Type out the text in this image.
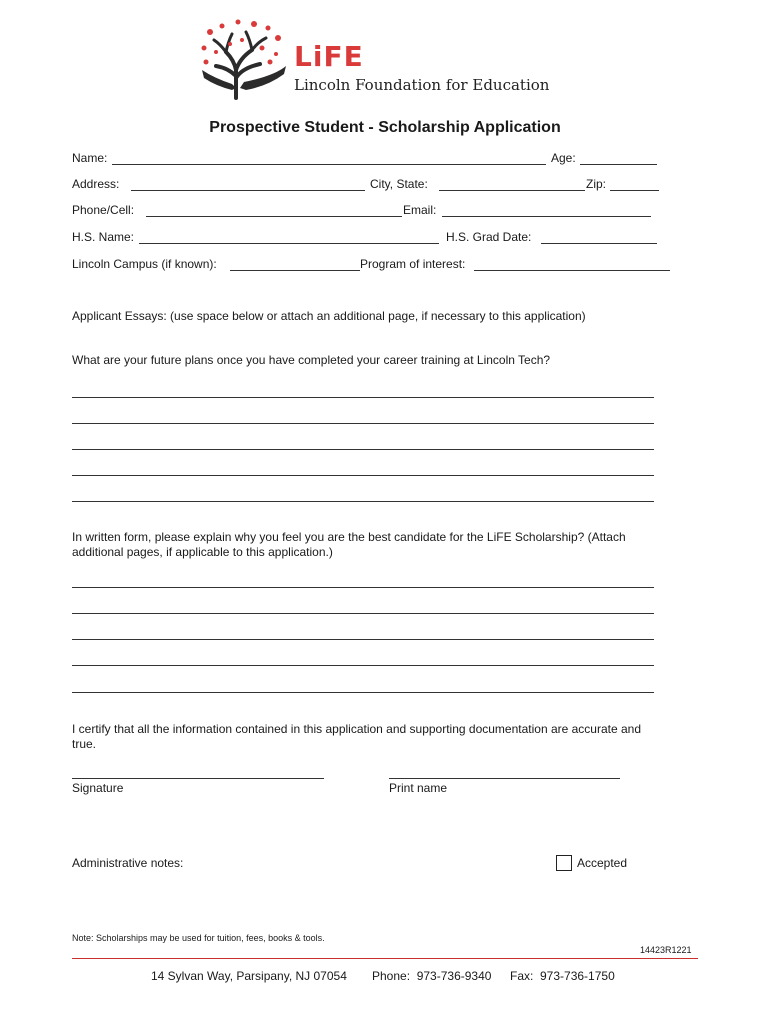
LiFE

Lincoln Foundation for Education

Prospective Student - Scholarship Application
Name:	Age:
Address:	City, State:	Zip:
Phone/Cell:	Email:
H.S. Name:	H.S. Grad Date:
Lincoln Campus (if known):	Program of interest:
Applicant Essays: (use space below or attach an additional page, if necessary to this application)
What are your future plans once you have completed your career training at Lincoln Tech?
In written form, please explain why you feel you are the best candidate for the LiFE Scholarship? (Attach
additional pages, if applicable to this application.)
I certify that all the information contained in this application and supporting documentation are accurate and
true.
Signature	Print name
Administrative notes:	Accepted
Note: Scholarships may be used for tuition, fees, books & tools.
14423R1221
14 Sylvan Way, Parsipany, NJ 07054 Phone:  973-736-9340 Fax:  973-736-1750
